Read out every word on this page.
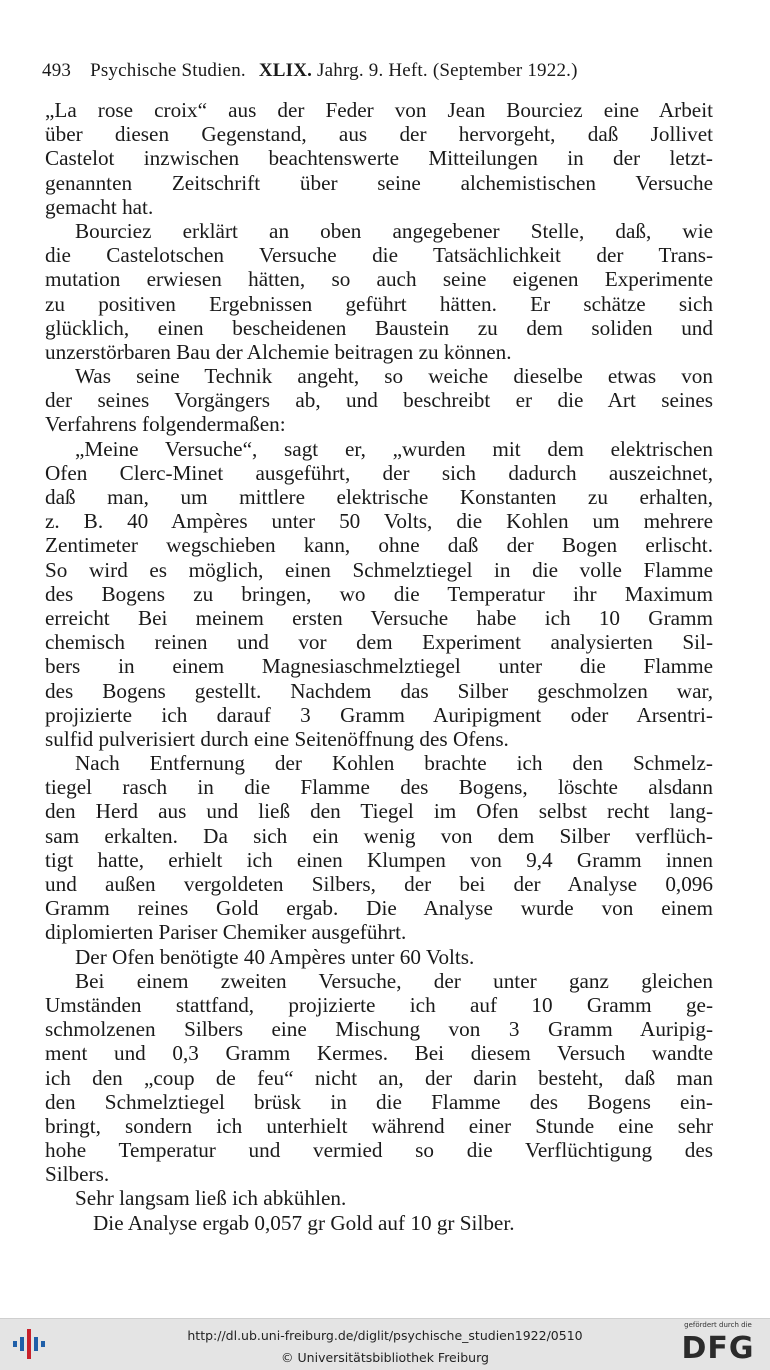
493 Psychische Studien. XLIX. Jahrg. 9. Heft. (September 1922.)
„La rose croix“ aus der Feder von Jean Bourciez eine Arbeit
über diesen Gegenstand, aus der hervorgeht, daß Jollivet
Castelot inzwischen beachtenswerte Mitteilungen in der letzt-
genannten Zeitschrift über seine alchemistischen Versuche
gemacht hat.
Bourciez erklärt an oben angegebener Stelle, daß, wie
die Castelotschen Versuche die Tatsächlichkeit der Trans-
mutation erwiesen hätten, so auch seine eigenen Experimente
zu positiven Ergebnissen geführt hätten. Er schätze sich
glücklich, einen bescheidenen Baustein zu dem soliden und
unzerstörbaren Bau der Alchemie beitragen zu können.
Was seine Technik angeht, so weiche dieselbe etwas von
der seines Vorgängers ab, und beschreibt er die Art seines
Verfahrens folgendermaßen:
„Meine Versuche“, sagt er, „wurden mit dem elektrischen
Ofen Clerc-Minet ausgeführt, der sich dadurch auszeichnet,
daß man, um mittlere elektrische Konstanten zu erhalten,
z. B. 40 Ampères unter 50 Volts, die Kohlen um mehrere
Zentimeter wegschieben kann, ohne daß der Bogen erlischt.
So wird es möglich, einen Schmelztiegel in die volle Flamme
des Bogens zu bringen, wo die Temperatur ihr Maximum
erreicht Bei meinem ersten Versuche habe ich 10 Gramm
chemisch reinen und vor dem Experiment analysierten Sil-
bers in einem Magnesiaschmelztiegel unter die Flamme
des Bogens gestellt. Nachdem das Silber geschmolzen war,
projizierte ich darauf 3 Gramm Auripigment oder Arsentri-
sulfid pulverisiert durch eine Seitenöffnung des Ofens.
Nach Entfernung der Kohlen brachte ich den Schmelz-
tiegel rasch in die Flamme des Bogens, löschte alsdann
den Herd aus und ließ den Tiegel im Ofen selbst recht lang-
sam erkalten. Da sich ein wenig von dem Silber verflüch-
tigt hatte, erhielt ich einen Klumpen von 9,4 Gramm innen
und außen vergoldeten Silbers, der bei der Analyse 0,096
Gramm reines Gold ergab. Die Analyse wurde von einem
diplomierten Pariser Chemiker ausgeführt.
Der Ofen benötigte 40 Ampères unter 60 Volts.
Bei einem zweiten Versuche, der unter ganz gleichen
Umständen stattfand, projizierte ich auf 10 Gramm ge-
schmolzenen Silbers eine Mischung von 3 Gramm Auripig-
ment und 0,3 Gramm Kermes. Bei diesem Versuch wandte
ich den „coup de feu“ nicht an, der darin besteht, daß man
den Schmelztiegel brüsk in die Flamme des Bogens ein-
bringt, sondern ich unterhielt während einer Stunde eine sehr
hohe Temperatur und vermied so die Verflüchtigung des
Silbers.
Sehr langsam ließ ich abkühlen.
Die Analyse ergab 0,057 gr Gold auf 10 gr Silber.
http://dl.ub.uni-freiburg.de/diglit/psychische_studien1922/0510
© Universitätsbibliothek Freiburg
gefördert durch die
DFG
